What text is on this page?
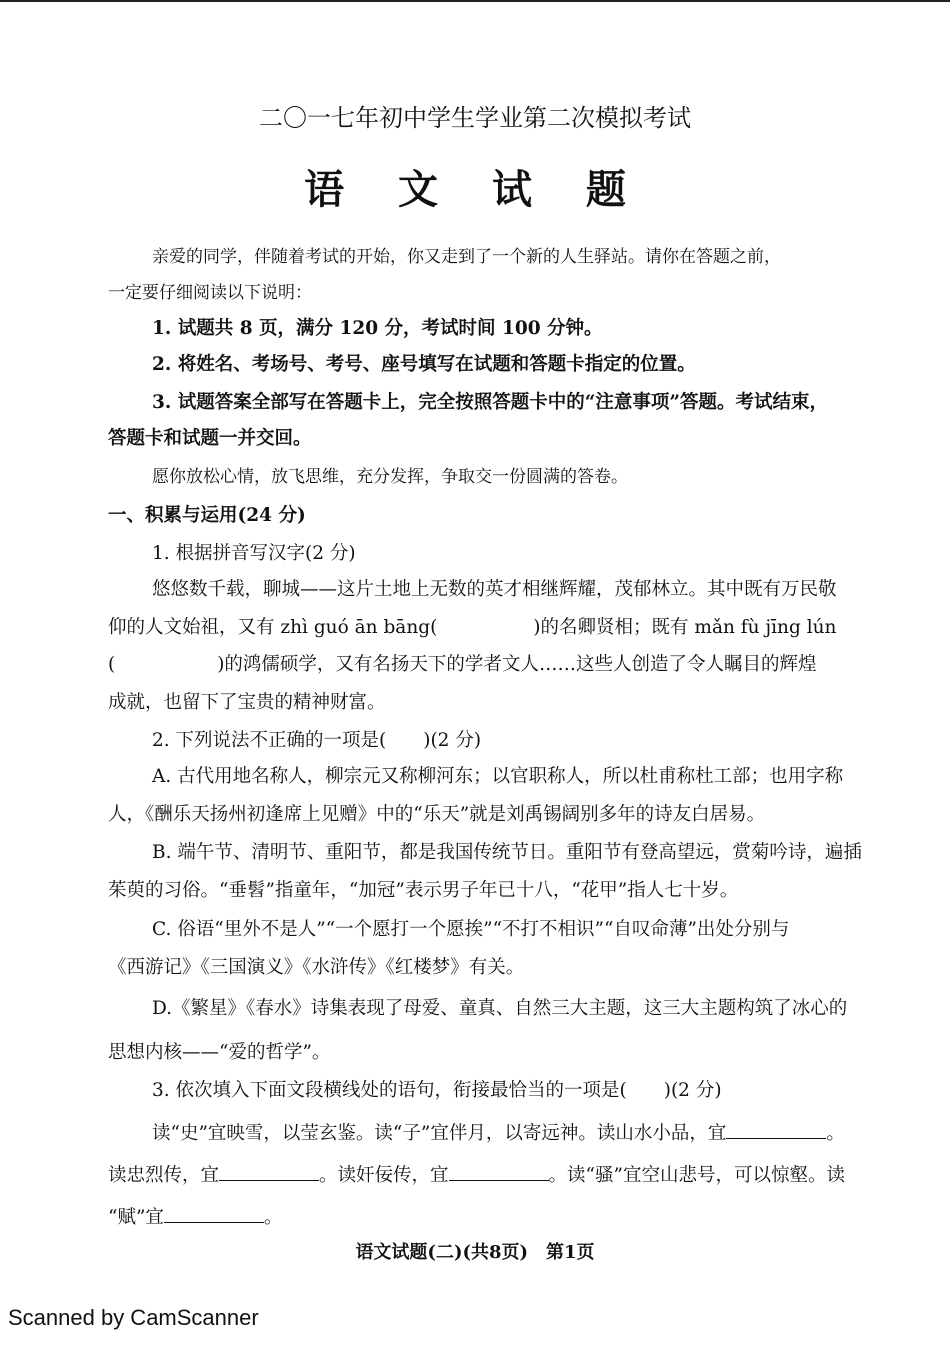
二〇一七年初中学生学业第二次模拟考试
语 文 试 题
亲爱的同学，伴随着考试的开始，你又走到了一个新的人生驿站。请你在答题之前，
一定要仔细阅读以下说明：
1. 试题共 8 页，满分 120 分，考试时间 100 分钟。
2. 将姓名、考场号、考号、座号填写在试题和答题卡指定的位置。
3. 试题答案全部写在答题卡上，完全按照答题卡中的“注意事项”答题。考试结束，
答题卡和试题一并交回。
愿你放松心情，放飞思维，充分发挥，争取交一份圆满的答卷。
一、积累与运用(24 分)
1. 根据拼音写汉字(2 分)
悠悠数千载，聊城——这片土地上无数的英才相继辉耀，茂郁林立。其中既有万民敬
仰的人文始祖，又有 zhì guó ān bāng(	)的名卿贤相；既有 mǎn fù jīng lún
(	)的鸿儒硕学，又有名扬天下的学者文人……这些人创造了令人瞩目的辉煌
成就，也留下了宝贵的精神财富。
2. 下列说法不正确的一项是(　　)(2 分)
A. 古代用地名称人，柳宗元又称柳河东；以官职称人，所以杜甫称杜工部；也用字称
人，《酬乐天扬州初逢席上见赠》中的“乐天”就是刘禹锡阔别多年的诗友白居易。
B. 端午节、清明节、重阳节，都是我国传统节日。重阳节有登高望远，赏菊吟诗，遍插
茱萸的习俗。“垂髫”指童年，“加冠”表示男子年已十八，“花甲”指人七十岁。
C. 俗语“里外不是人”“一个愿打一个愿挨”“不打不相识”“自叹命薄”出处分别与
《西游记》《三国演义》《水浒传》《红楼梦》有关。
D.《繁星》《春水》诗集表现了母爱、童真、自然三大主题，这三大主题构筑了冰心的
思想内核——“爱的哲学”。
3. 依次填入下面文段横线处的语句，衔接最恰当的一项是(　　)(2 分)
读“史”宜映雪，以莹玄鉴。读“子”宜伴月，以寄远神。读山水小品，宜	。
读忠烈传，宜	。读奸佞传，宜	。读“骚”宜空山悲号，可以惊壑。读
“赋”宜	。
语文试题(二)(共8页)　第1页
Scanned by CamScanner
